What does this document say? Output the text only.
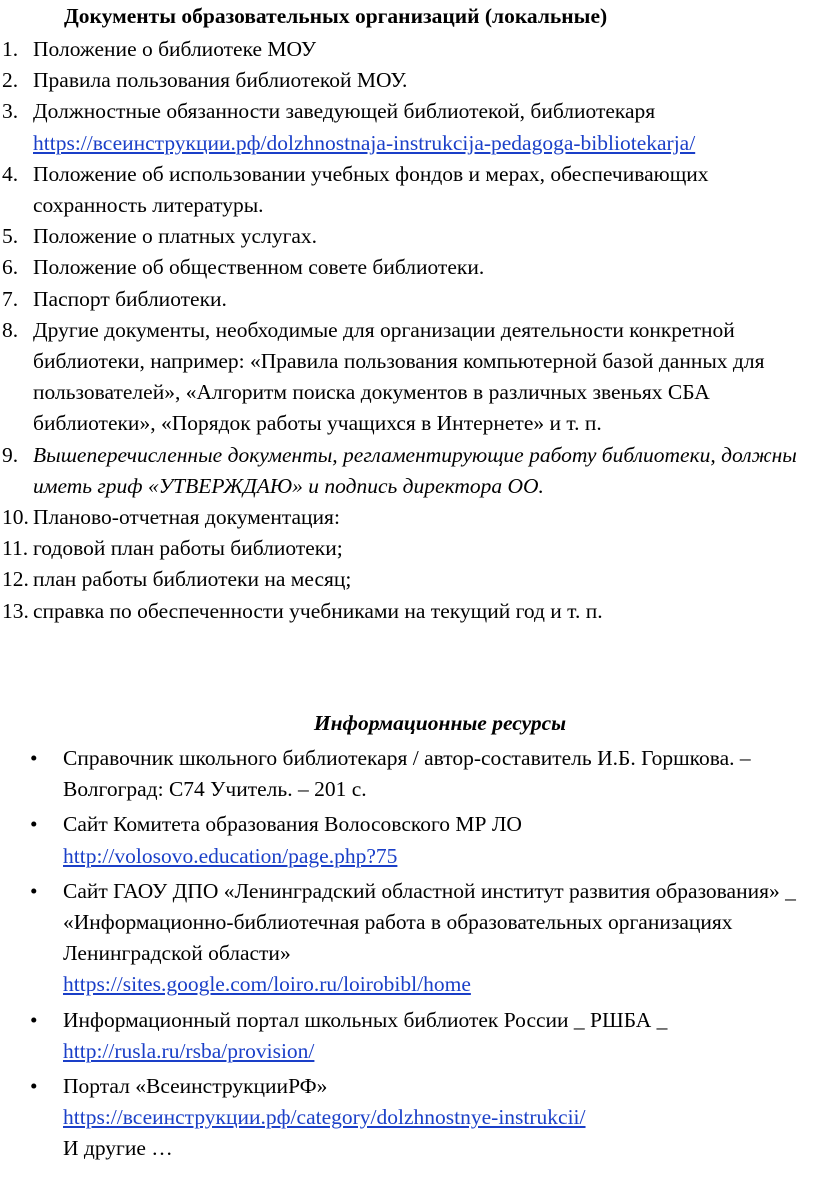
Документы образовательных организаций (локальные)
1. Положение о библиотеке МОУ
2. Правила пользования библиотекой МОУ.
3. Должностные обязанности заведующей библиотекой, библиотекаря
https://всеинструкции.рф/dolzhnostnaja-instrukcija-pedagoga-bibliotekarja/
4. Положение об использовании учебных фондов и мерах, обеспечивающих сохранность литературы.
5. Положение о платных услугах.
6. Положение об общественном совете библиотеки.
7. Паспорт библиотеки.
8. Другие документы, необходимые для организации деятельности конкретной библиотеки, например: «Правила пользования компьютерной базой данных для пользователей», «Алгоритм поиска документов в различных звеньях СБА библиотеки», «Порядок работы учащихся в Интернете» и т. п.
9. Вышеперечисленные документы, регламентирующие работу библиотеки, должны иметь гриф «УТВЕРЖДАЮ» и подпись директора ОО.
10. Планово-отчетная документация:
11. годовой план работы библиотеки;
12. план работы библиотеки на месяц;
13. справка по обеспеченности учебниками на текущий год и т. п.
Информационные ресурсы
• Справочник школьного библиотекаря / автор-составитель И.Б. Горшкова. – Волгоград: С74 Учитель. – 201 с.
• Сайт Комитета образования Волосовского МР ЛО
http://volosovo.education/page.php?75
• Сайт ГАОУ ДПО «Ленинградский областной институт развития образования» _ «Информационно-библиотечная работа в образовательных организациях Ленинградской области»
https://sites.google.com/loiro.ru/loirobibl/home
• Информационный портал школьных библиотек России _ РШБА _
http://rusla.ru/rsba/provision/
• Портал «ВсеинструкцииРФ»
https://всеинструкции.рф/category/dolzhnostnye-instrukcii/
И другие …
